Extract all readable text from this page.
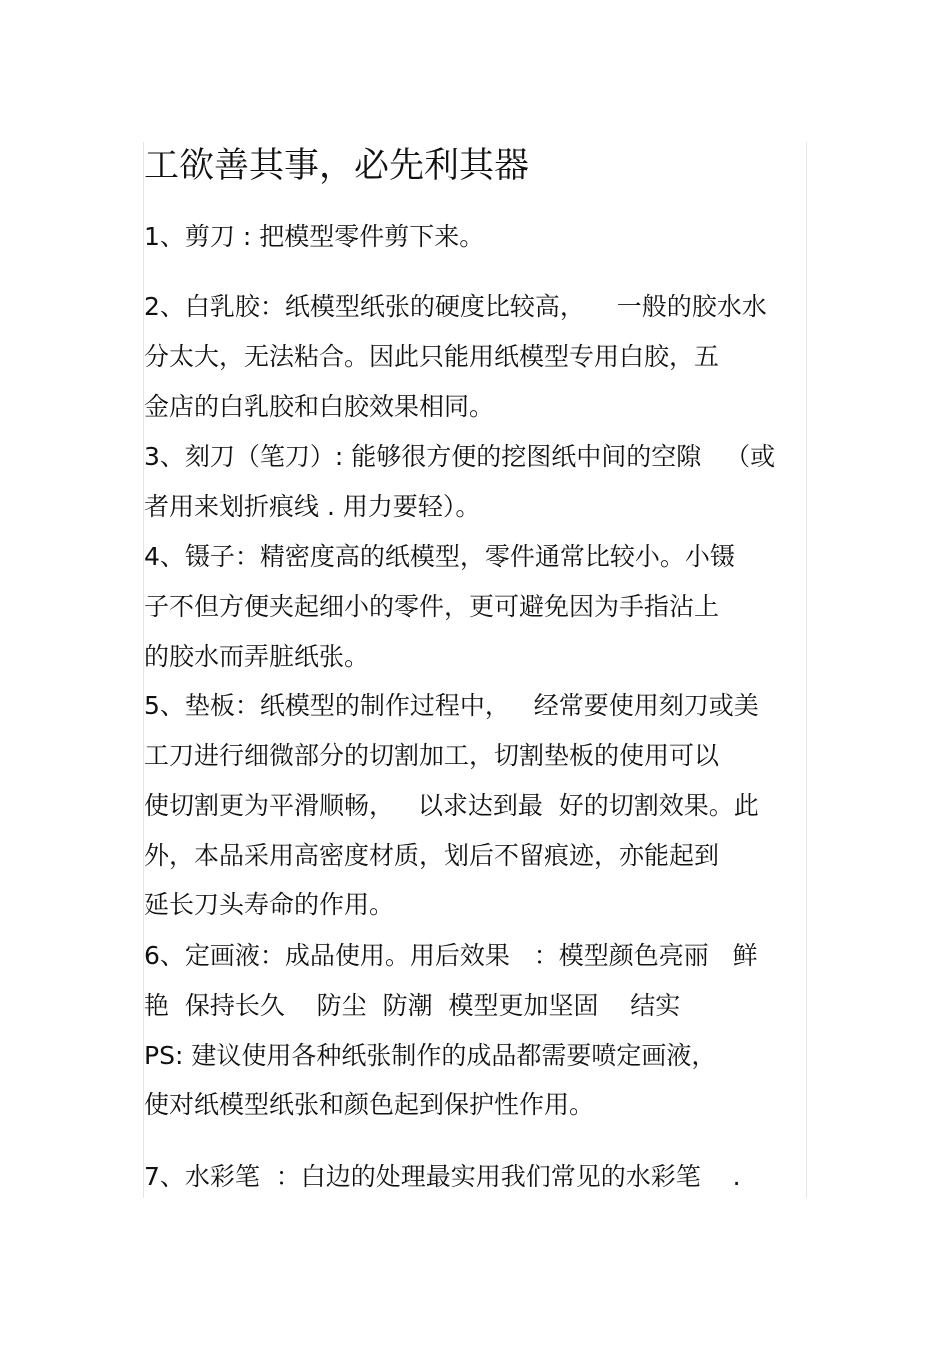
工欲善其事，必先利其器
1、剪刀 : 把模型零件剪下来。
2、白乳胶：纸模型纸张的硬度比较高，    一般的胶水水
分太大，无法粘合。因此只能用纸模型专用白胶，五
金店的白乳胶和白胶效果相同。
3、刻刀（笔刀）: 能够很方便的挖图纸中间的空隙   （或
者用来划折痕线 . 用力要轻）。
4、镊子：精密度高的纸模型，零件通常比较小。小镊
子不但方便夹起细小的零件，更可避免因为手指沾上
的胶水而弄脏纸张。
5、垫板：纸模型的制作过程中，   经常要使用刻刀或美
工刀进行细微部分的切割加工，切割垫板的使用可以
使切割更为平滑顺畅，   以求达到最  好的切割效果。此
外，本品采用高密度材质，划后不留痕迹，亦能起到
延长刀头寿命的作用。
6、定画液：成品使用。用后效果   ：模型颜色亮丽   鲜
艳  保持长久    防尘  防潮  模型更加坚固    结实
PS: 建议使用各种纸张制作的成品都需要喷定画液，
使对纸模型纸张和颜色起到保护性作用。
7、水彩笔  ：白边的处理最实用我们常见的水彩笔    .
